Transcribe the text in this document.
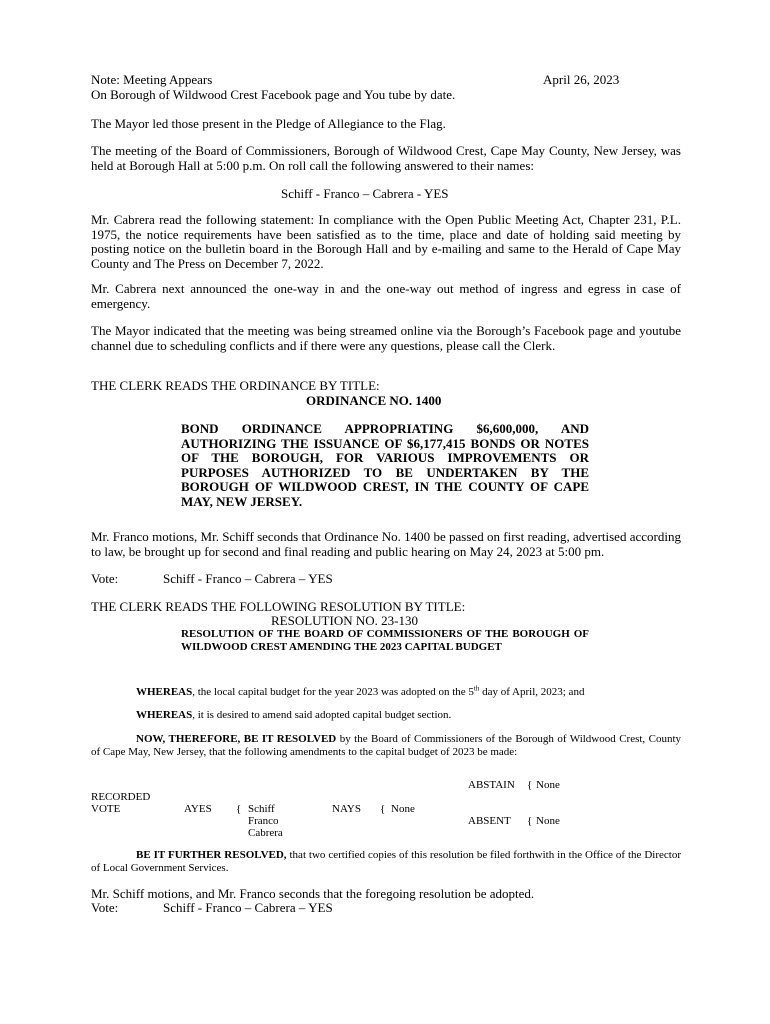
Note: Meeting Appears	April 26, 2023
On Borough of Wildwood Crest Facebook page and You tube by date.

The Mayor led those present in the Pledge of Allegiance to the Flag.

The meeting of the Board of Commissioners, Borough of Wildwood Crest, Cape May County, New Jersey, was held at Borough Hall at 5:00 p.m. On roll call the following answered to their names:

Schiff - Franco – Cabrera - YES

Mr. Cabrera read the following statement: In compliance with the Open Public Meeting Act, Chapter 231, P.L. 1975, the notice requirements have been satisfied as to the time, place and date of holding said meeting by posting notice on the bulletin board in the Borough Hall and by e-mailing and same to the Herald of Cape May County and The Press on December 7, 2022.

Mr. Cabrera next announced the one-way in and the one-way out method of ingress and egress in case of emergency.

The Mayor indicated that the meeting was being streamed online via the Borough’s Facebook page and youtube channel due to scheduling conflicts and if there were any questions, please call the Clerk.

THE CLERK READS THE ORDINANCE BY TITLE:
ORDINANCE NO. 1400

BOND ORDINANCE APPROPRIATING $6,600,000, AND AUTHORIZING THE ISSUANCE OF $6,177,415 BONDS OR NOTES OF THE BOROUGH, FOR VARIOUS IMPROVEMENTS OR PURPOSES AUTHORIZED TO BE UNDERTAKEN BY THE BOROUGH OF WILDWOOD CREST, IN THE COUNTY OF CAPE MAY, NEW JERSEY.

Mr. Franco motions, Mr. Schiff seconds that Ordinance No. 1400 be passed on first reading, advertised according to law, be brought up for second and final reading and public hearing on May 24, 2023 at 5:00 pm.

Vote:	Schiff - Franco – Cabrera – YES
THE CLERK READS THE FOLLOWING RESOLUTION BY TITLE:
RESOLUTION NO. 23-130

RESOLUTION OF THE BOARD OF COMMISSIONERS OF THE BOROUGH OF WILDWOOD CREST AMENDING THE 2023 CAPITAL BUDGET

WHEREAS, the local capital budget for the year 2023 was adopted on the 5th day of April, 2023; and
WHEREAS, it is desired to amend said adopted capital budget section.

NOW, THEREFORE, BE IT RESOLVED by the Board of Commissioners of the Borough of Wildwood Crest, County of Cape May, New Jersey, that the following amendments to the capital budget of 2023 be made:

ABSTAIN { None
RECORDED
VOTE	AYES { Schiff
Franco
Cabrera
NAYS { None
ABSENT { None

BE IT FURTHER RESOLVED, that two certified copies of this resolution be filed forthwith in the Office of the Director of Local Government Services.

Mr. Schiff motions, and Mr. Franco seconds that the foregoing resolution be adopted.
Vote:	Schiff - Franco – Cabrera – YES
